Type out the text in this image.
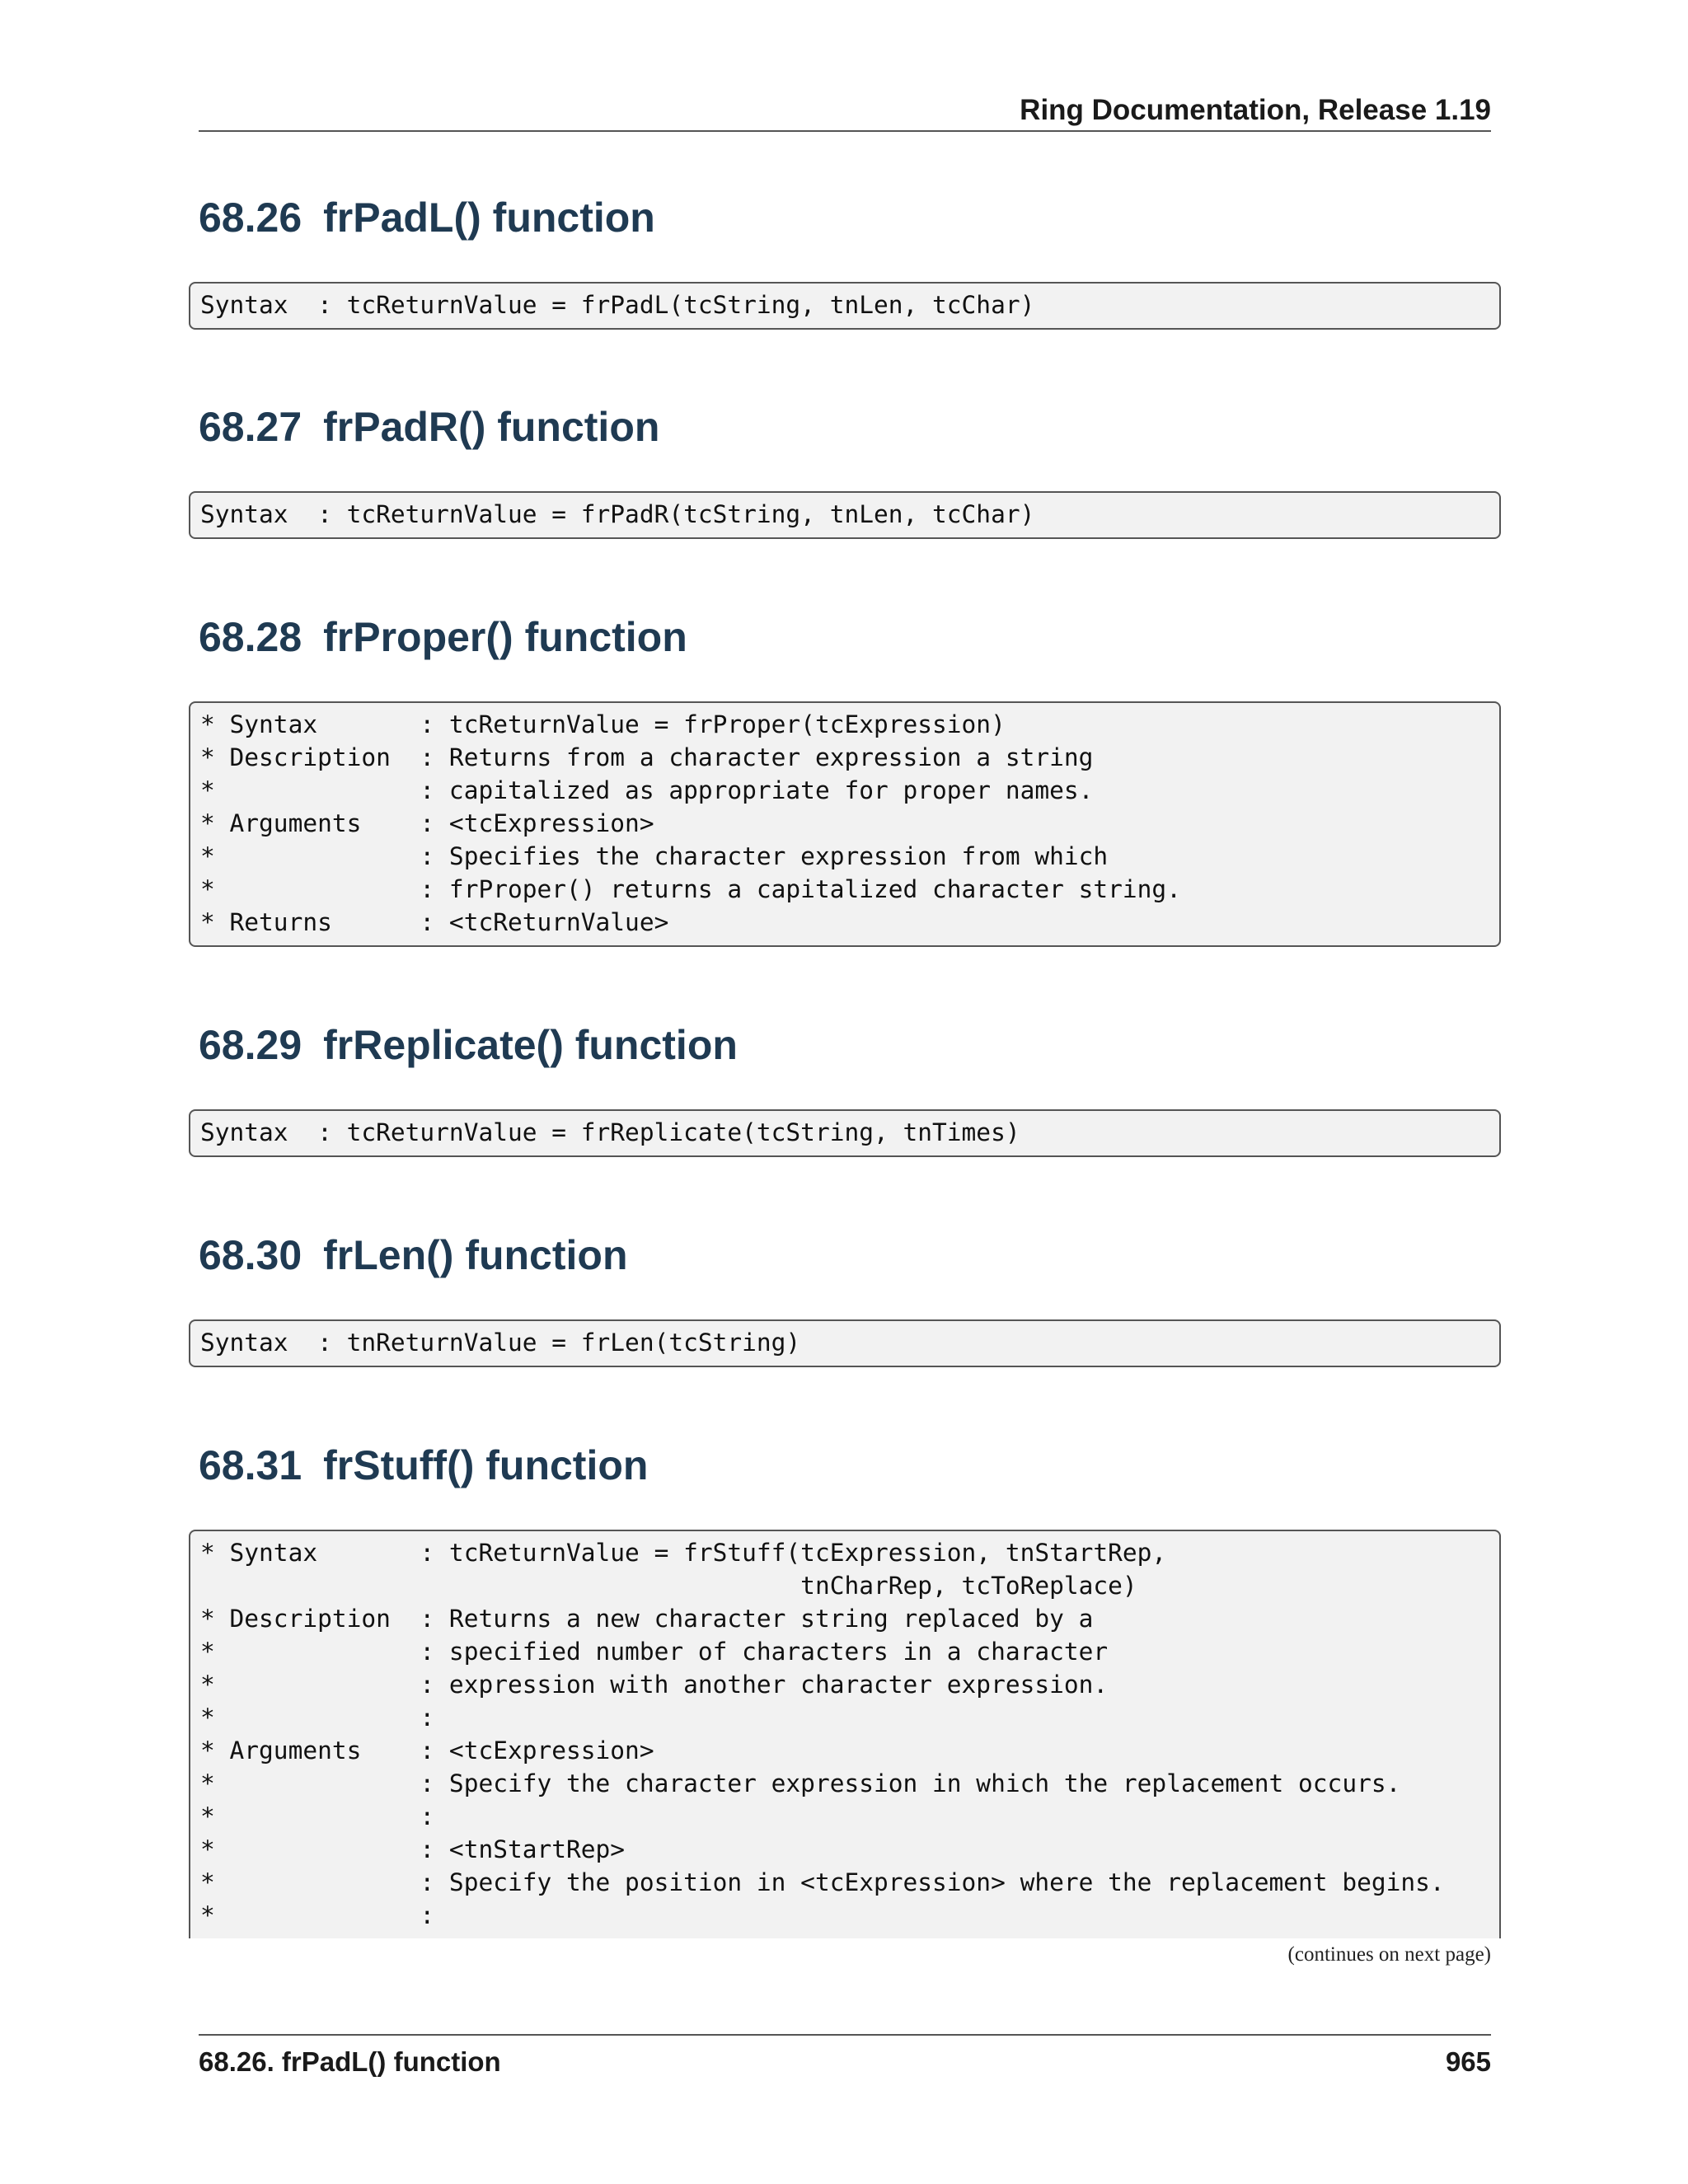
Ring Documentation, Release 1.19
68.26 frPadL() function
Syntax  : tcReturnValue = frPadL(tcString, tnLen, tcChar)
68.27 frPadR() function
Syntax  : tcReturnValue = frPadR(tcString, tnLen, tcChar)
68.28 frProper() function
* Syntax       : tcReturnValue = frProper(tcExpression)
* Description  : Returns from a character expression a string
*              : capitalized as appropriate for proper names.
* Arguments    : <tcExpression>
*              : Specifies the character expression from which
*              : frProper() returns a capitalized character string.
* Returns      : <tcReturnValue>
68.29 frReplicate() function
Syntax  : tcReturnValue = frReplicate(tcString, tnTimes)
68.30 frLen() function
Syntax  : tnReturnValue = frLen(tcString)
68.31 frStuff() function
* Syntax       : tcReturnValue = frStuff(tcExpression, tnStartRep,
tnCharRep, tcToReplace)
* Description  : Returns a new character string replaced by a
*              : specified number of characters in a character
*              : expression with another character expression.
*              :
* Arguments    : <tcExpression>
*              : Specify the character expression in which the replacement occurs.
*              :
*              : <tnStartRep>
*              : Specify the position in <tcExpression> where the replacement begins.
*              :
(continues on next page)
68.26. frPadL() function	965
